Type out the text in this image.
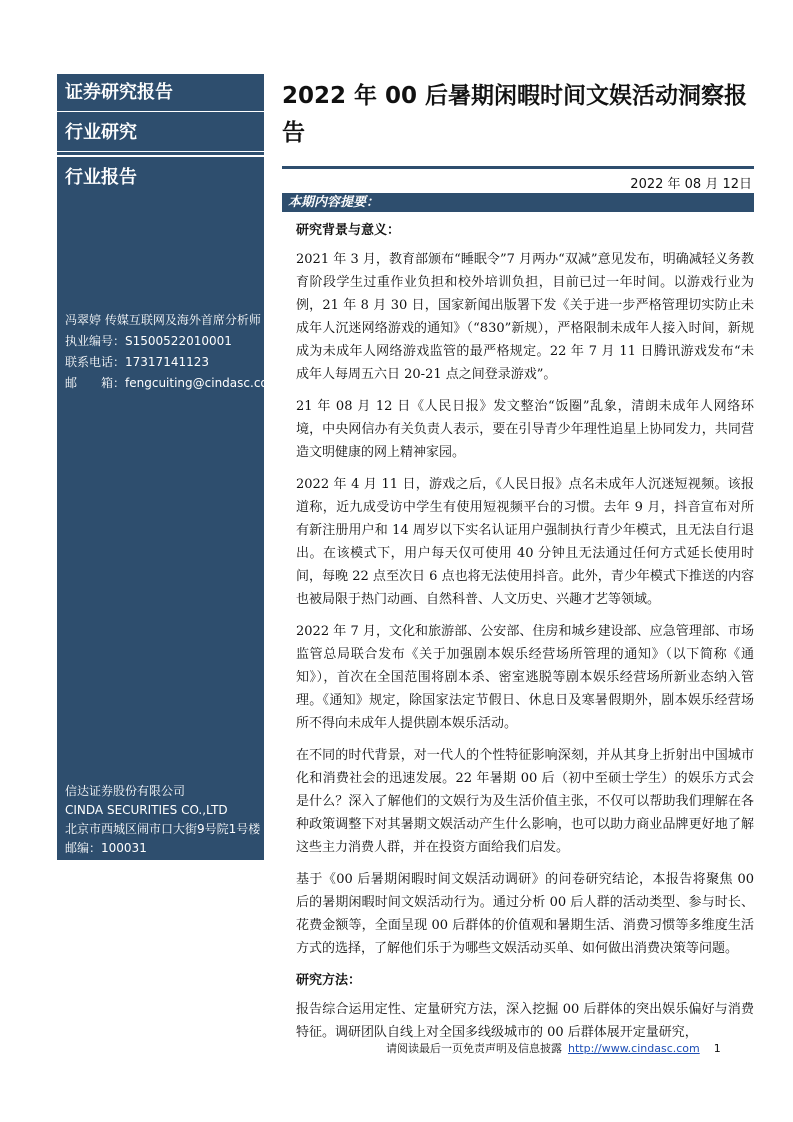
证券研究报告
行业研究
行业报告
冯翠婷 传媒互联网及海外首席分析师
执业编号：S1500522010001
联系电话：17317141123
邮　　箱：fengcuiting@cindasc.com
信达证券股份有限公司
CINDA SECURITIES CO.,LTD
北京市西城区闹市口大街9号院1号楼
邮编：100031
2022 年 00 后暑期闲暇时间文娱活动洞察报告
2022 年 08 月 12日
本期内容提要：
研究背景与意义：

2021 年 3 月，教育部颁布“睡眠令”7 月两办“双减”意见发布，明确减轻义务教育阶段学生过重作业负担和校外培训负担，目前已过一年时间。以游戏行业为例，21 年 8 月 30 日，国家新闻出版署下发《关于进一步严格管理切实防止未成年人沉迷网络游戏的通知》（“830”新规），严格限制未成年人接入时间，新规成为未成年人网络游戏监管的最严格规定。22 年 7 月 11 日腾讯游戏发布“未成年人每周五六日 20-21 点之间登录游戏”。

21 年 08 月 12 日《人民日报》发文整治“饭圈”乱象，清朗未成年人网络环境，中央网信办有关负责人表示，要在引导青少年理性追星上协同发力，共同营造文明健康的网上精神家园。

2022 年 4 月 11 日，游戏之后，《人民日报》点名未成年人沉迷短视频。该报道称，近九成受访中学生有使用短视频平台的习惯。去年 9 月，抖音宣布对所有新注册用户和 14 周岁以下实名认证用户强制执行青少年模式，且无法自行退出。在该模式下，用户每天仅可使用 40 分钟且无法通过任何方式延长使用时间，每晚 22 点至次日 6 点也将无法使用抖音。此外，青少年模式下推送的内容也被局限于热门动画、自然科普、人文历史、兴趣才艺等领域。

2022 年 7 月，文化和旅游部、公安部、住房和城乡建设部、应急管理部、市场监管总局联合发布《关于加强剧本娱乐经营场所管理的通知》（以下简称《通知》），首次在全国范围将剧本杀、密室逃脱等剧本娱乐经营场所新业态纳入管理。《通知》规定，除国家法定节假日、休息日及寒暑假期外，剧本娱乐经营场所不得向未成年人提供剧本娱乐活动。

在不同的时代背景，对一代人的个性特征影响深刻，并从其身上折射出中国城市化和消费社会的迅速发展。22 年暑期 00 后（初中至硕士学生）的娱乐方式会是什么？深入了解他们的文娱行为及生活价值主张，不仅可以帮助我们理解在各种政策调整下对其暑期文娱活动产生什么影响，也可以助力商业品牌更好地了解这些主力消费人群，并在投资方面给我们启发。

基于《00 后暑期闲暇时间文娱活动调研》的问卷研究结论，本报告将聚焦 00 后的暑期闲暇时间文娱活动行为。通过分析 00 后人群的活动类型、参与时长、花费金额等，全面呈现 00 后群体的价值观和暑期生活、消费习惯等多维度生活方式的选择，了解他们乐于为哪些文娱活动买单、如何做出消费决策等问题。

研究方法：

报告综合运用定性、定量研究方法，深入挖掘 00 后群体的突出娱乐偏好与消费特征。调研团队自线上对全国多线级城市的 00 后群体展开定量研究，

请阅读最后一页免责声明及信息披露 http://www.cindasc.com 1
